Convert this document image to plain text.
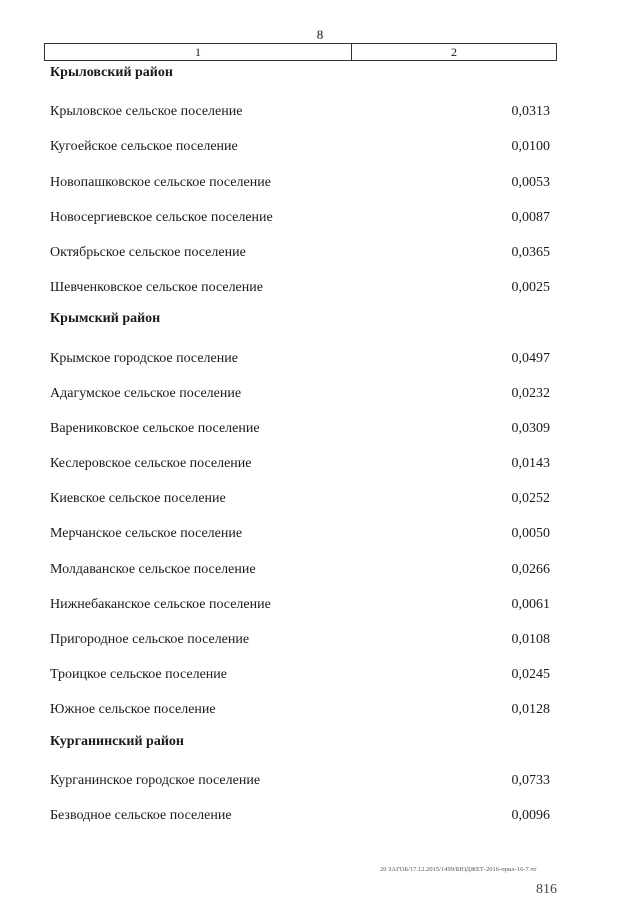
8
1	2
Крыловский район
Крыловское сельское поселение	0,0313
Кугоейское сельское поселение	0,0100
Новопашковское сельское поселение	0,0053
Новосергиевское сельское поселение	0,0087
Октябрьское сельское поселение	0,0365
Шевченковское сельское поселение	0,0025
Крымский район
Крымское городское поселение	0,0497
Адагумское сельское поселение	0,0232
Варениковское сельское поселение	0,0309
Кеслеровское сельское поселение	0,0143
Киевское сельское поселение	0,0252
Мерчанское сельское поселение	0,0050
Молдаванское сельское поселение	0,0266
Нижнебаканское сельское поселение	0,0061
Пригородное сельское поселение	0,0108
Троицкое сельское поселение	0,0245
Южное сельское поселение	0,0128
Курганинский район
Курганинское городское поселение	0,0733
Безводное сельское поселение	0,0096
20 ЗАГОБ/17.12.2015/1499/БЮДЖЕТ-2016-прил-16-7.чт
816
